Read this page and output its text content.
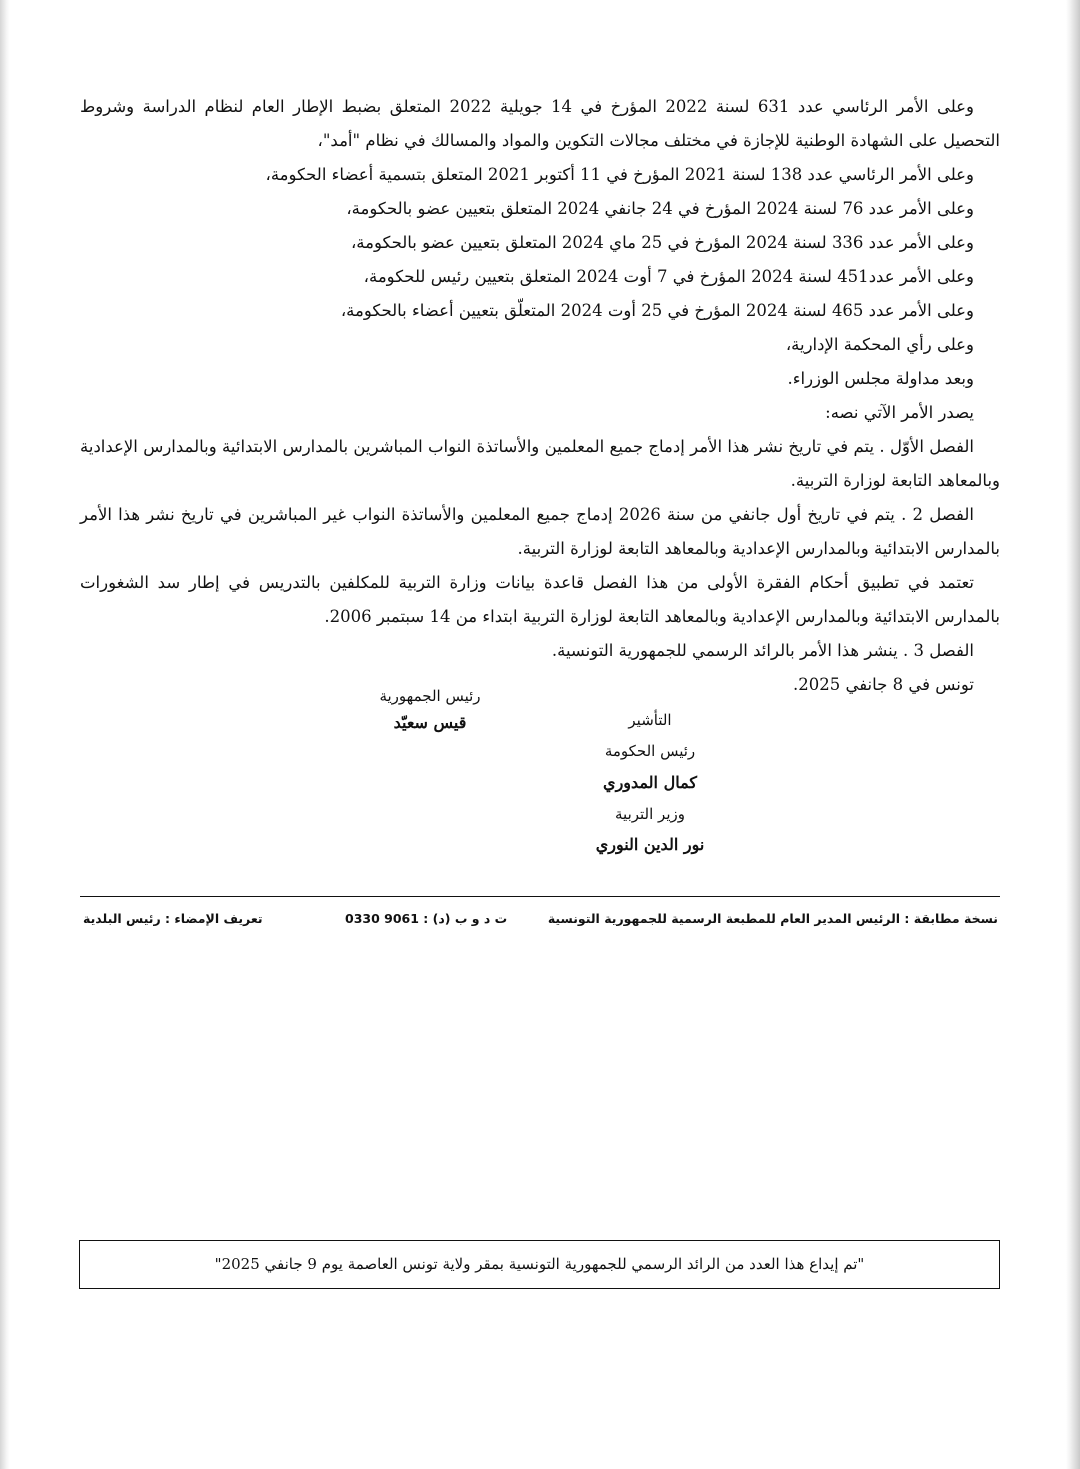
وعلى الأمر الرئاسي عدد 631 لسنة 2022 المؤرخ في 14 جويلية 2022 المتعلق بضبط الإطار العام لنظام الدراسة وشروط التحصيل على الشهادة الوطنية للإجازة في مختلف مجالات التكوين والمواد والمسالك في نظام "أمد"،

وعلى الأمر الرئاسي عدد 138 لسنة 2021 المؤرخ في 11 أكتوبر 2021 المتعلق بتسمية أعضاء الحكومة،

وعلى الأمر عدد 76 لسنة 2024 المؤرخ في 24 جانفي 2024 المتعلق بتعيين عضو بالحكومة،

وعلى الأمر عدد 336 لسنة 2024 المؤرخ في 25 ماي 2024 المتعلق بتعيين عضو بالحكومة،

وعلى الأمر عدد451 لسنة 2024 المؤرخ في 7 أوت 2024 المتعلق بتعيين رئيس للحكومة،

وعلى الأمر عدد 465 لسنة 2024 المؤرخ في 25 أوت 2024 المتعلّق بتعيين أعضاء بالحكومة،

وعلى رأي المحكمة الإدارية،

وبعد مداولة مجلس الوزراء.

يصدر الأمر الآتي نصه:

الفصل الأوّل . يتم في تاريخ نشر هذا الأمر إدماج جميع المعلمين والأساتذة النواب المباشرين بالمدارس الابتدائية وبالمدارس الإعدادية وبالمعاهد التابعة لوزارة التربية.

الفصل 2 . يتم في تاريخ أول جانفي من سنة 2026 إدماج جميع المعلمين والأساتذة النواب غير المباشرين في تاريخ نشر هذا الأمر بالمدارس الابتدائية وبالمدارس الإعدادية وبالمعاهد التابعة لوزارة التربية.

تعتمد في تطبيق أحكام الفقرة الأولى من هذا الفصل قاعدة بيانات وزارة التربية للمكلفين بالتدريس في إطار سد الشغورات بالمدارس الابتدائية وبالمدارس الإعدادية وبالمعاهد التابعة لوزارة التربية ابتداء من 14 سبتمبر 2006.

الفصل 3 . ينشر هذا الأمر بالرائد الرسمي للجمهورية التونسية.

تونس في 8 جانفي 2025.

رئيس الجمهورية
قيس سعيّد	التأشير
رئيس الحكومة
كمال المدوري
وزير التربية
نور الدين النوري
نسخة مطابقة : الرئيس المدير العام للمطبعة الرسمية للجمهورية التونسية
ت د و ب (د) : 9061 0330
تعريف الإمضاء : رئيس البلدية
"تم إيداع هذا العدد من الرائد الرسمي للجمهورية التونسية بمقر ولاية تونس العاصمة يوم 9 جانفي 2025"
